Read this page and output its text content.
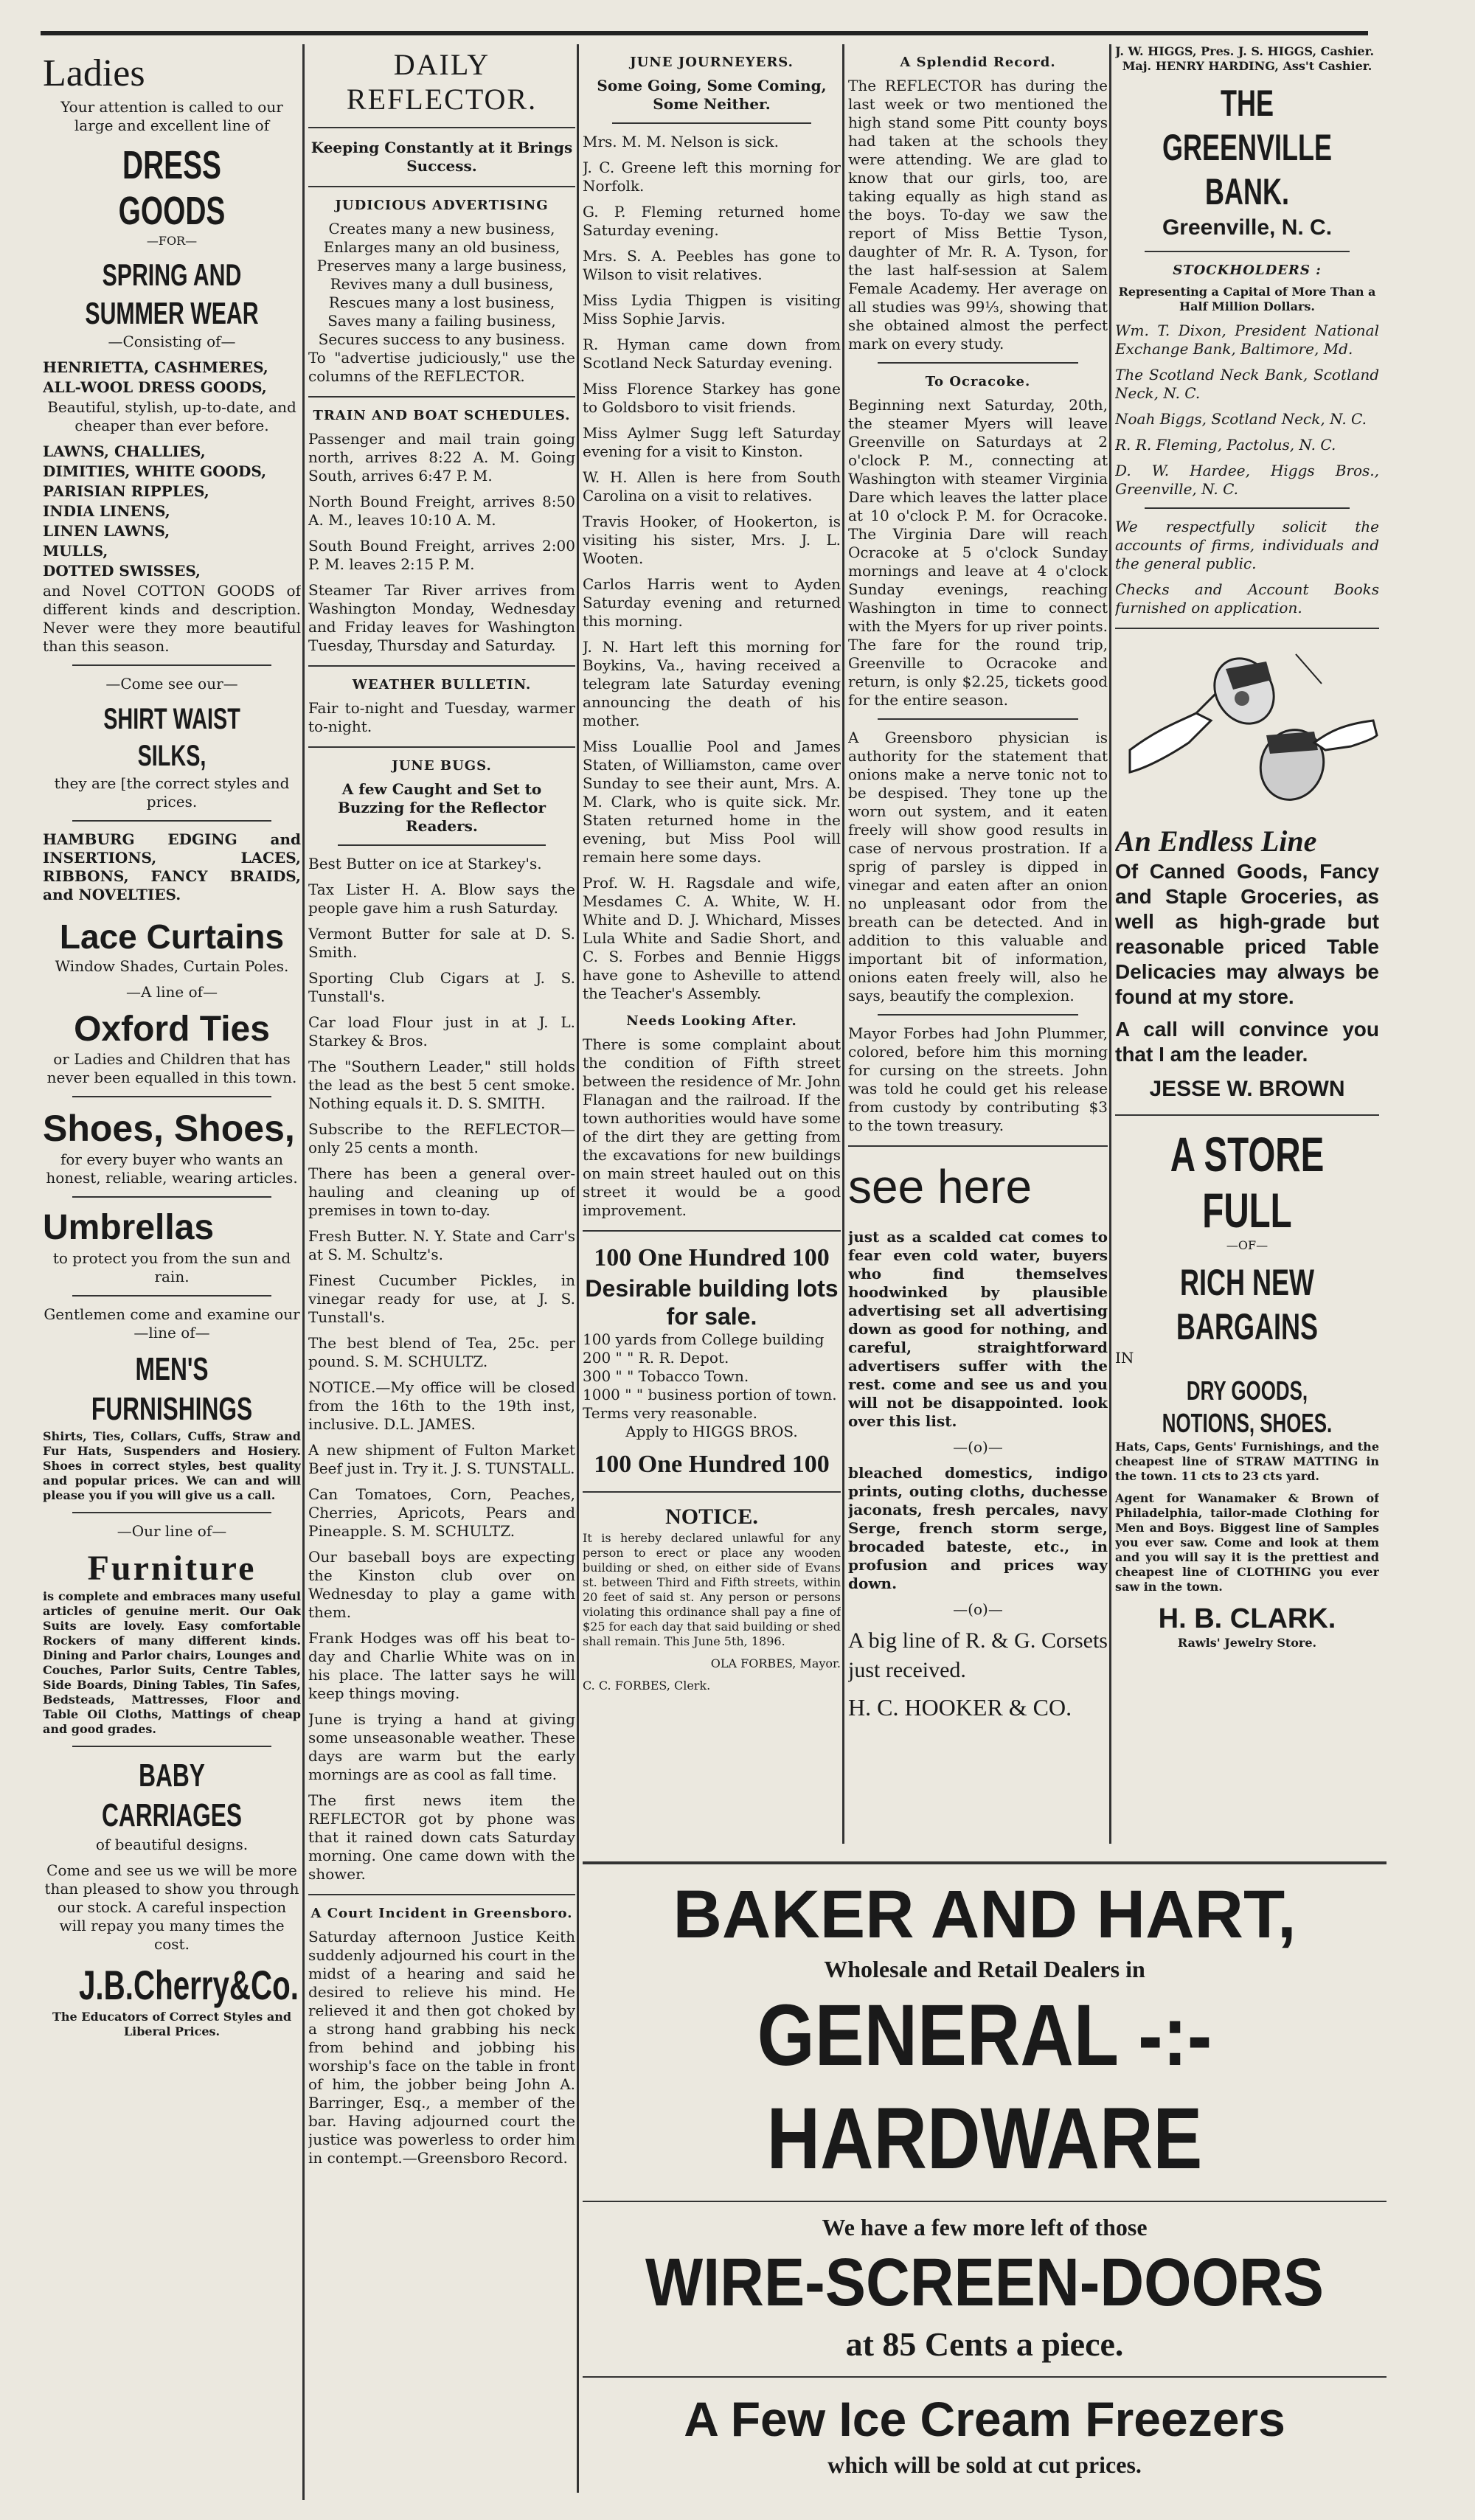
Ladies

Your attention is called to our large and excellent line of

DRESS GOODS

—FOR—

SPRING AND SUMMER WEAR

—Consisting of—

HENRIETTA, CASHMERES,

ALL-WOOL DRESS GOODS,

Beautiful, stylish, up-to-date, and cheaper than ever before.

LAWNS, CHALLIES,

DIMITIES, WHITE GOODS,

PARISIAN RIPPLES,

INDIA LINENS,

LINEN LAWNS,

MULLS,

DOTTED SWISSES,

and Novel COTTON GOODS of different kinds and description. Never were they more beautiful than this season.

—Come see our—

SHIRT WAIST SILKS,

they are [the correct styles and prices.

HAMBURG EDGING and INSERTIONS, LACES, RIBBONS, FANCY BRAIDS, and NOVELTIES.

Lace Curtains

Window Shades, Curtain Poles.

—A line of—

Oxford Ties

or Ladies and Children that has never been equalled in this town.

Shoes, Shoes,

for every buyer who wants an honest, reliable, wearing articles.

Umbrellas

to protect you from the sun and rain.

Gentlemen come and examine our —line of—

MEN'S FURNISHINGS

Shirts, Ties, Collars, Cuffs, Straw and Fur Hats, Suspenders and Hosiery. Shoes in correct styles, best quality and popular prices. We can and will please you if you will give us a call.

—Our line of—

Furniture

is complete and embraces many useful articles of genuine merit. Our Oak Suits are lovely. Easy comfortable Rockers of many different kinds. Dining and Parlor chairs, Lounges and Couches, Parlor Suits, Centre Tables, Side Boards, Dining Tables, Tin Safes, Bedsteads, Mattresses, Floor and Table Oil Cloths, Mattings of cheap and good grades.

BABY CARRIAGES

of beautiful designs.

Come and see us we will be more than pleased to show you through our stock. A careful inspection will repay you many times the cost.

J.B.Cherry&Co.

The Educators of Correct Styles and Liberal Prices.

DAILY REFLECTOR.

Keeping Constantly at it Brings Success.

JUDICIOUS ADVERTISING
Creates many a new business,
Enlarges many an old business,
Preserves many a large business,
Revives many a dull business,
Rescues many a lost business,
Saves many a failing business,
Secures success to any business.

To "advertise judiciously," use the columns of the REFLECTOR.

TRAIN AND BOAT SCHEDULES.

Passenger and mail train going north, arrives 8:22 A. M. Going South, arrives 6:47 P. M.

North Bound Freight, arrives 8:50 A. M., leaves 10:10 A. M.

South Bound Freight, arrives 2:00 P. M. leaves 2:15 P. M.

Steamer Tar River arrives from Washington Monday, Wednesday and Friday leaves for Washington Tuesday, Thursday and Saturday.

WEATHER BULLETIN.

Fair to-night and Tuesday, warmer to-night.

JUNE BUGS.

A few Caught and Set to Buzzing for the Reflector Readers.

Best Butter on ice at Starkey's.

Tax Lister H. A. Blow says the people gave him a rush Saturday.

Vermont Butter for sale at D. S. Smith.

Sporting Club Cigars at J. S. Tunstall's.

Car load Flour just in at J. L. Starkey & Bros.

The "Southern Leader," still holds the lead as the best 5 cent smoke. Nothing equals it. D. S. SMITH.

Subscribe to the REFLECTOR—only 25 cents a month.

There has been a general over-hauling and cleaning up of premises in town to-day.

Fresh Butter. N. Y. State and Carr's at S. M. Schultz's.

Finest Cucumber Pickles, in vinegar ready for use, at J. S. Tunstall's.

The best blend of Tea, 25c. per pound. S. M. SCHULTZ.

NOTICE.—My office will be closed from the 16th to the 19th inst, inclusive. D.L. JAMES.

A new shipment of Fulton Market Beef just in. Try it. J. S. TUNSTALL.

Can Tomatoes, Corn, Peaches, Cherries, Apricots, Pears and Pineapple. S. M. SCHULTZ.

Our baseball boys are expecting the Kinston club over on Wednesday to play a game with them.

Frank Hodges was off his beat to-day and Charlie White was on in his place. The latter says he will keep things moving.

June is trying a hand at giving some unseasonable weather. These days are warm but the early mornings are as cool as fall time.

The first news item the REFLECTOR got by phone was that it rained down cats Saturday morning. One came down with the shower.

A Court Incident in Greensboro.

Saturday afternoon Justice Keith suddenly adjourned his court in the midst of a hearing and said he desired to relieve his mind. He relieved it and then got choked by a strong hand grabbing his neck from behind and jobbing his worship's face on the table in front of him, the jobber being John A. Barringer, Esq., a member of the bar. Having adjourned court the justice was powerless to order him in contempt.—Greensboro Record.

JUNE JOURNEYERS.

Some Going, Some Coming, Some Neither.

Mrs. M. M. Nelson is sick.

J. C. Greene left this morning for Norfolk.

G. P. Fleming returned home Saturday evening.

Mrs. S. A. Peebles has gone to Wilson to visit relatives.

Miss Lydia Thigpen is visiting Miss Sophie Jarvis.

R. Hyman came down from Scotland Neck Saturday evening.

Miss Florence Starkey has gone to Goldsboro to visit friends.

Miss Aylmer Sugg left Saturday evening for a visit to Kinston.

W. H. Allen is here from South Carolina on a visit to relatives.

Travis Hooker, of Hookerton, is visiting his sister, Mrs. J. L. Wooten.

Carlos Harris went to Ayden Saturday evening and returned this morning.

J. N. Hart left this morning for Boykins, Va., having received a telegram late Saturday evening announcing the death of his mother.

Miss Louallie Pool and James Staten, of Williamston, came over Sunday to see their aunt, Mrs. A. M. Clark, who is quite sick. Mr. Staten returned home in the evening, but Miss Pool will remain here some days.

Prof. W. H. Ragsdale and wife, Mesdames C. A. White, W. H. White and D. J. Whichard, Misses Lula White and Sadie Short, and C. S. Forbes and Bennie Higgs have gone to Asheville to attend the Teacher's Assembly.

Needs Looking After.

There is some complaint about the condition of Fifth street between the residence of Mr. John Flanagan and the railroad. If the town authorities would have some of the dirt they are getting from the excavations for new buildings on main street hauled out on this street it would be a good improvement.

100 One Hundred 100
Desirable building lots for sale.
100 yards from College building
200 " " R. R. Depot.
300 " " Tobacco Town.
1000 " " business portion of town. Terms very reasonable.

Apply to HIGGS BROS.

100 One Hundred 100
NOTICE.

It is hereby declared unlawful for any person to erect or place any wooden building or shed, on either side of Evans st. between Third and Fifth streets, within 20 feet of said st. Any person or persons violating this ordinance shall pay a fine of $25 for each day that said building or shed shall remain. This June 5th, 1896.

OLA FORBES, Mayor.

C. C. FORBES, Clerk.

A Splendid Record.

The REFLECTOR has during the last week or two mentioned the high stand some Pitt county boys had taken at the schools they were attending. We are glad to know that our girls, too, are taking equally as high stand as the boys. To-day we saw the report of Miss Bettie Tyson, daughter of Mr. R. A. Tyson, for the last half-session at Salem Female Academy. Her average on all studies was 99⅓, showing that she obtained almost the perfect mark on every study.

To Ocracoke.

Beginning next Saturday, 20th, the steamer Myers will leave Greenville on Saturdays at 2 o'clock P. M., connecting at Washington with steamer Virginia Dare which leaves the latter place at 10 o'clock P. M. for Ocracoke. The Virginia Dare will reach Ocracoke at 5 o'clock Sunday mornings and leave at 4 o'clock Sunday evenings, reaching Washington in time to connect with the Myers for up river points. The fare for the round trip, Greenville to Ocracoke and return, is only $2.25, tickets good for the entire season.

A Greensboro physician is authority for the statement that onions make a nerve tonic not to be despised. They tone up the worn out system, and it eaten freely will show good results in case of nervous prostration. If a sprig of parsley is dipped in vinegar and eaten after an onion no unpleasant odor from the breath can be detected. And in addition to this valuable and important bit of information, onions eaten freely will, also he says, beautify the complexion.

Mayor Forbes had John Plummer, colored, before him this morning for cursing on the streets. John was told he could get his release from custody by contributing $3 to the town treasury.

see here

just as a scalded cat comes to fear even cold water, buyers who find themselves hoodwinked by plausible advertising set all advertising down as good for nothing, and careful, straightforward advertisers suffer with the rest. come and see us and you will not be disappointed. look over this list.

—(o)—

bleached domestics, indigo prints, outing cloths, duchesse jaconats, fresh percales, navy Serge, french storm serge, brocaded bateste, etc., in profusion and prices way down.

—(o)—

A big line of R. & G. Corsets just received.

H. C. HOOKER & CO.

J. W. HIGGS, Pres. J. S. HIGGS, Cashier.

Maj. HENRY HARDING, Ass't Cashier.

THE GREENVILLE BANK.
Greenville, N. C.
STOCKHOLDERS :

Representing a Capital of More Than a Half Million Dollars.

Wm. T. Dixon, President National Exchange Bank, Baltimore, Md.

The Scotland Neck Bank, Scotland Neck, N. C.

Noah Biggs, Scotland Neck, N. C.

R. R. Fleming, Pactolus, N. C.

D. W. Hardee, Higgs Bros., Greenville, N. C.

We respectfully solicit the accounts of firms, individuals and the general public.

Checks and Account Books furnished on application.

An Endless Line

Of Canned Goods, Fancy and Staple Groceries, as well as high-grade but reasonable priced Table Delicacies may always be found at my store.

A call will convince you that I am the leader.

JESSE W. BROWN
A STORE FULL

—OF—

RICH NEW BARGAINS

IN

DRY GOODS, NOTIONS, SHOES.

Hats, Caps, Gents' Furnishings, and the cheapest line of STRAW MATTING in the town. 11 cts to 23 cts yard.

Agent for Wanamaker & Brown of Philadelphia, tailor-made Clothing for Men and Boys. Biggest line of Samples you ever saw. Come and look at them and you will say it is the prettiest and cheapest line of CLOTHING you ever saw in the town.

H. B. CLARK.

Rawls' Jewelry Store.

BAKER AND HART,
Wholesale and Retail Dealers in
GENERAL -:- HARDWARE
We have a few more left of those
WIRE-SCREEN-DOORS
at 85 Cents a piece.
A Few Ice Cream Freezers
which will be sold at cut prices.
